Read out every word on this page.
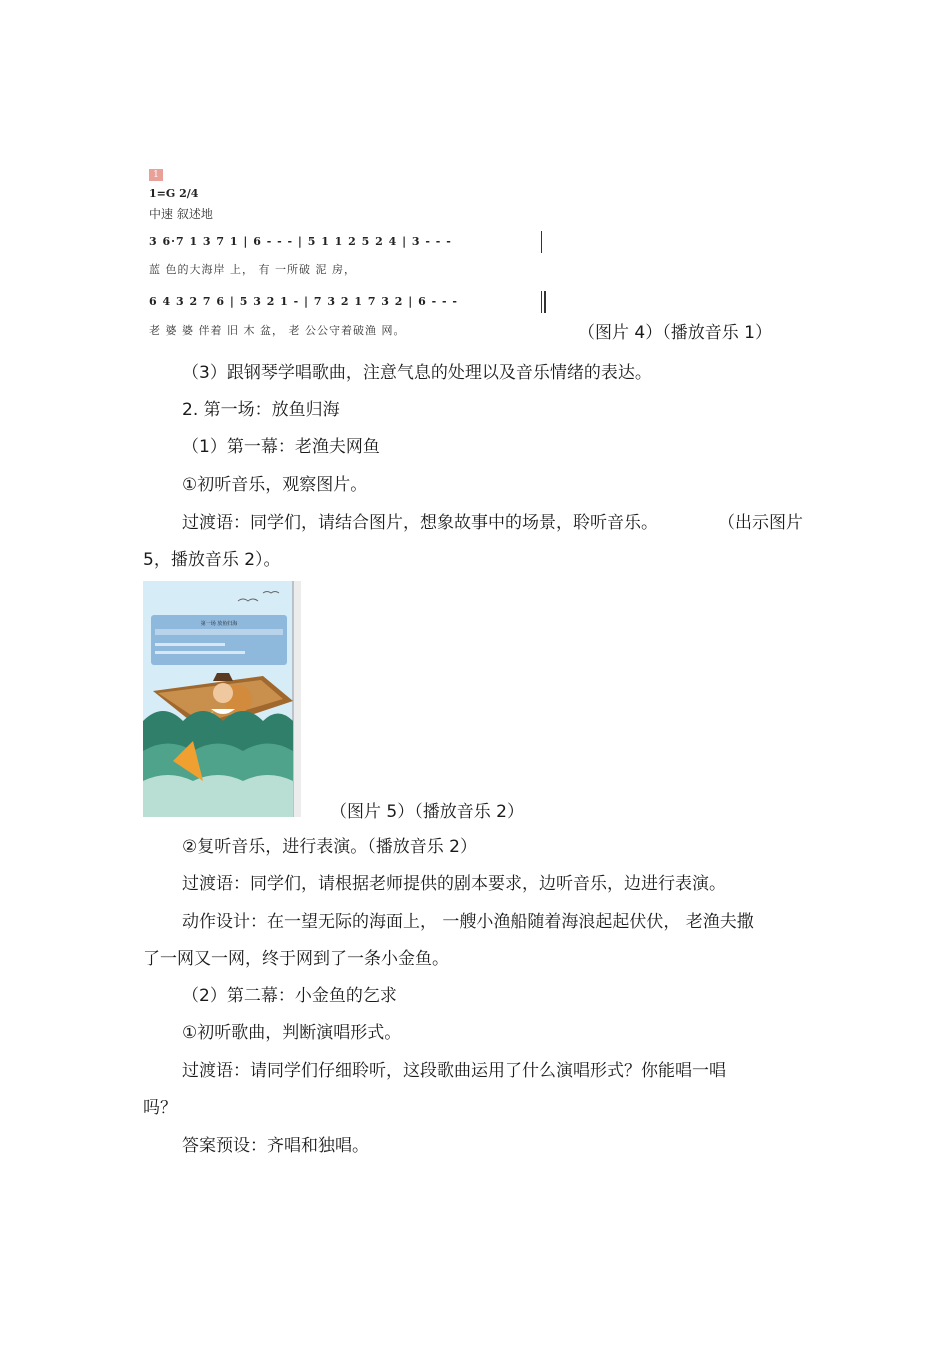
1
1=G 2/4
中速 叙述地
3 6·7 1 3 7 1 | 6 - - - | 5 1 1 2 5 2 4 | 3 - - -
蓝 色的大海岸 上， 有 一所破 泥 房，
6 4 3 2 7 6 | 5 3 2 1 - | 7 3 2 1 7 3 2 | 6 - - -
老 婆 婆 伴着 旧 木 盆， 老 公公守着破渔 网。	（图片 4）（播放音乐 1）
（3）跟钢琴学唱歌曲，注意气息的处理以及音乐情绪的表达。
2. 第一场：放鱼归海
（1）第一幕：老渔夫网鱼
①初听音乐，观察图片。
过渡语：同学们，请结合图片，想象故事中的场景，聆听音乐。	（出示图片
5，播放音乐 2）。
第一场 放鱼归海
（图片 5）（播放音乐 2）
②复听音乐，进行表演。（播放音乐 2）
过渡语：同学们，请根据老师提供的剧本要求，边听音乐，边进行表演。
动作设计：在一望无际的海面上， 一艘小渔船随着海浪起起伏伏， 老渔夫撒
了一网又一网，终于网到了一条小金鱼。
（2）第二幕：小金鱼的乞求
①初听歌曲，判断演唱形式。
过渡语：请同学们仔细聆听，这段歌曲运用了什么演唱形式？你能唱一唱
吗？
答案预设：齐唱和独唱。
